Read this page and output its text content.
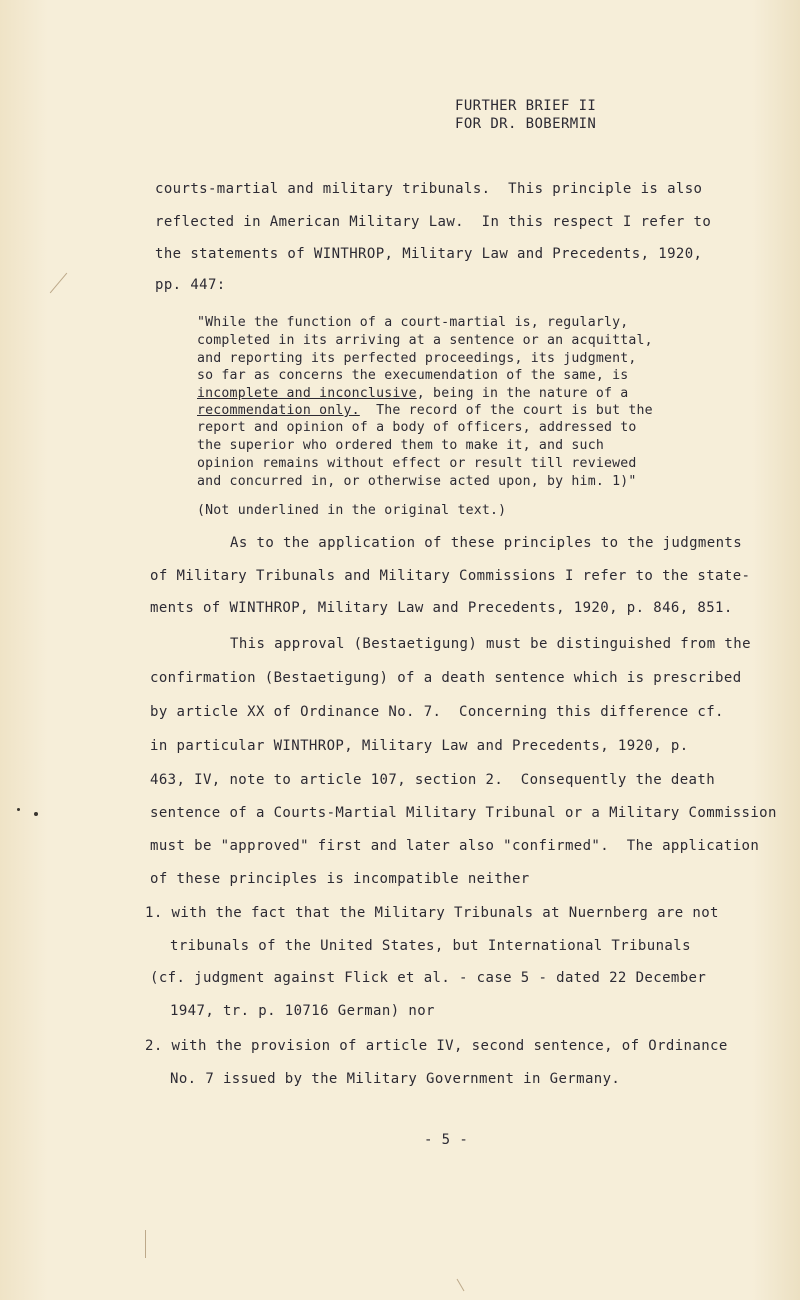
FURTHER BRIEF II
FOR DR. BOBERMIN
courts-martial and military tribunals.  This principle is also
reflected in American Military Law.  In this respect I refer to
the statements of WINTHROP, Military Law and Precedents, 1920,
pp. 447:
"While the function of a court-martial is, regularly,
completed in its arriving at a sentence or an acquittal,
and reporting its perfected proceedings, its judgment,
so far as concerns the execumendation of the same, is
incomplete and inconclusive, being in the nature of a
recommendation only.  The record of the court is but the
report and opinion of a body of officers, addressed to
the superior who ordered them to make it, and such
opinion remains without effect or result till reviewed
and concurred in, or otherwise acted upon, by him. 1)"
(Not underlined in the original text.)
As to the application of these principles to the judgments
of Military Tribunals and Military Commissions I refer to the state-
ments of WINTHROP, Military Law and Precedents, 1920, p. 846, 851.
This approval (Bestaetigung) must be distinguished from the
confirmation (Bestaetigung) of a death sentence which is prescribed
by article XX of Ordinance No. 7.  Concerning this difference cf.
in particular WINTHROP, Military Law and Precedents, 1920, p.
463, IV, note to article 107, section 2.  Consequently the death
sentence of a Courts-Martial Military Tribunal or a Military Commission
must be "approved" first and later also "confirmed".  The application
of these principles is incompatible neither
1. with the fact that the Military Tribunals at Nuernberg are not
tribunals of the United States, but International Tribunals
(cf. judgment against Flick et al. - case 5 - dated 22 December
1947, tr. p. 10716 German) nor
2. with the provision of article IV, second sentence, of Ordinance
No. 7 issued by the Military Government in Germany.
- 5 -
